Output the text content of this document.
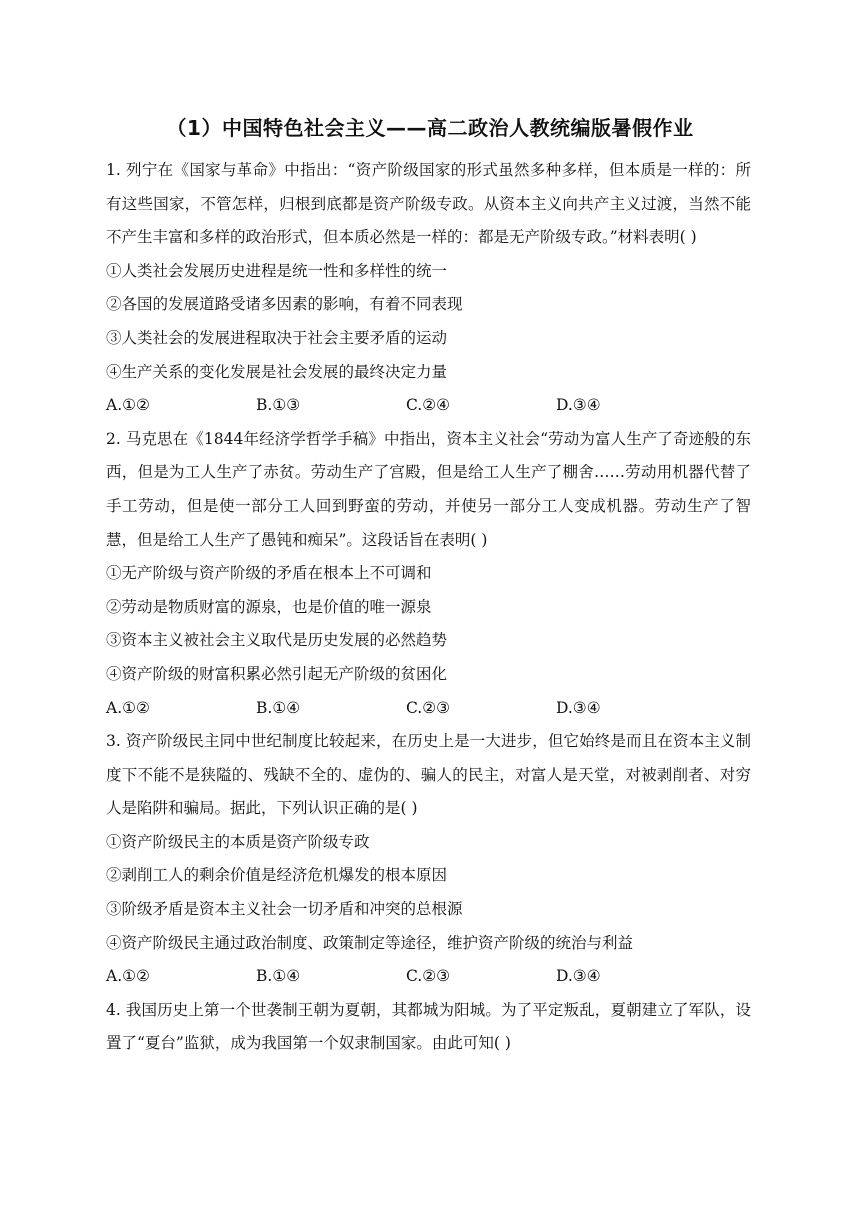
（1）中国特色社会主义——高二政治人教统编版暑假作业

1. 列宁在《国家与革命》中指出：“资产阶级国家的形式虽然多种多样，但本质是一样的：所有这些国家，不管怎样，归根到底都是资产阶级专政。从资本主义向共产主义过渡，当然不能不产生丰富和多样的政治形式，但本质必然是一样的：都是无产阶级专政。”材料表明( )

①人类社会发展历史进程是统一性和多样性的统一

②各国的发展道路受诸多因素的影响，有着不同表现

③人类社会的发展进程取决于社会主要矛盾的运动

④生产关系的变化发展是社会发展的最终决定力量

A.①②	B.①③	C.②④	D.③④

2. 马克思在《1844年经济学哲学手稿》中指出，资本主义社会“劳动为富人生产了奇迹般的东西，但是为工人生产了赤贫。劳动生产了宫殿，但是给工人生产了棚舍……劳动用机器代替了手工劳动，但是使一部分工人回到野蛮的劳动，并使另一部分工人变成机器。劳动生产了智慧，但是给工人生产了愚钝和痴呆”。这段话旨在表明( )

①无产阶级与资产阶级的矛盾在根本上不可调和

②劳动是物质财富的源泉，也是价值的唯一源泉

③资本主义被社会主义取代是历史发展的必然趋势

④资产阶级的财富积累必然引起无产阶级的贫困化

A.①②	B.①④	C.②③	D.③④

3. 资产阶级民主同中世纪制度比较起来，在历史上是一大进步，但它始终是而且在资本主义制度下不能不是狭隘的、残缺不全的、虚伪的、骗人的民主，对富人是天堂，对被剥削者、对穷人是陷阱和骗局。据此，下列认识正确的是( )

①资产阶级民主的本质是资产阶级专政

②剥削工人的剩余价值是经济危机爆发的根本原因

③阶级矛盾是资本主义社会一切矛盾和冲突的总根源

④资产阶级民主通过政治制度、政策制定等途径，维护资产阶级的统治与利益

A.①②	B.①④	C.②③	D.③④

4. 我国历史上第一个世袭制王朝为夏朝，其都城为阳城。为了平定叛乱，夏朝建立了军队，设置了“夏台”监狱，成为我国第一个奴隶制国家。由此可知( )
